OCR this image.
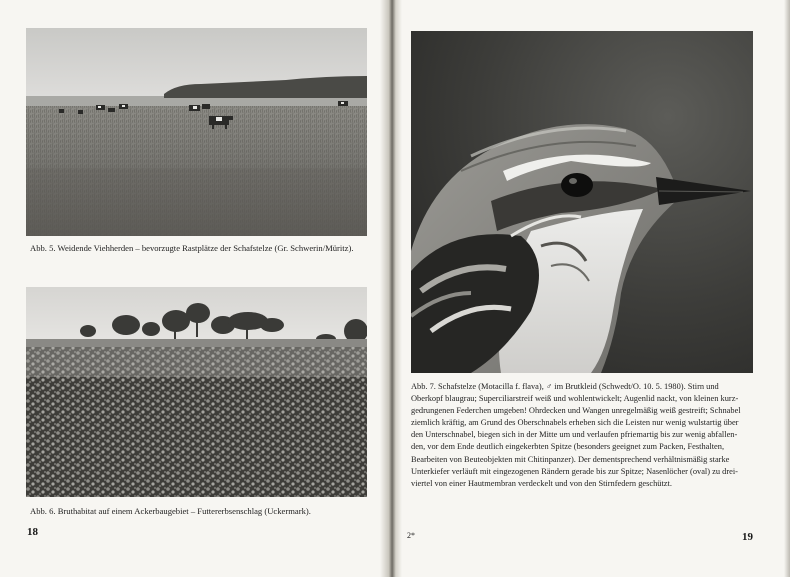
Abb. 5. Weidende Viehherden – bevorzugte Rastplätze der Schafstelze (Gr. Schwerin/Müritz).
Abb. 6. Bruthabitat auf einem Ackerbaugebiet – Futtererbsenschlag (Uckermark).
18
Abb. 7. Schafstelze (Motacilla f. flava), ♂ im Brutkleid (Schwedt/O. 10. 5. 1980). Stirn und
Oberkopf blaugrau; Superciliarstreif weiß und wohlentwickelt; Augenlid nackt, von kleinen kurz-
gedrungenen Federchen umgeben! Ohrdecken und Wangen unregelmäßig weiß gestreift; Schnabel
ziemlich kräftig, am Grund des Oberschnabels erheben sich die Leisten nur wenig wulstartig über
den Unterschnabel, biegen sich in der Mitte um und verlaufen pfriemartig bis zur wenig abfallen-
den, vor dem Ende deutlich eingekerbten Spitze (besonders geeignet zum Packen, Festhalten,
Bearbeiten von Beuteobjekten mit Chitinpanzer). Der dementsprechend verhältnismäßig starke
Unterkiefer verläuft mit eingezogenen Rändern gerade bis zur Spitze; Nasenlöcher (oval) zu drei-
viertel von einer Hautmembran verdeckelt und von den Stirnfedern geschützt.
2*	19
